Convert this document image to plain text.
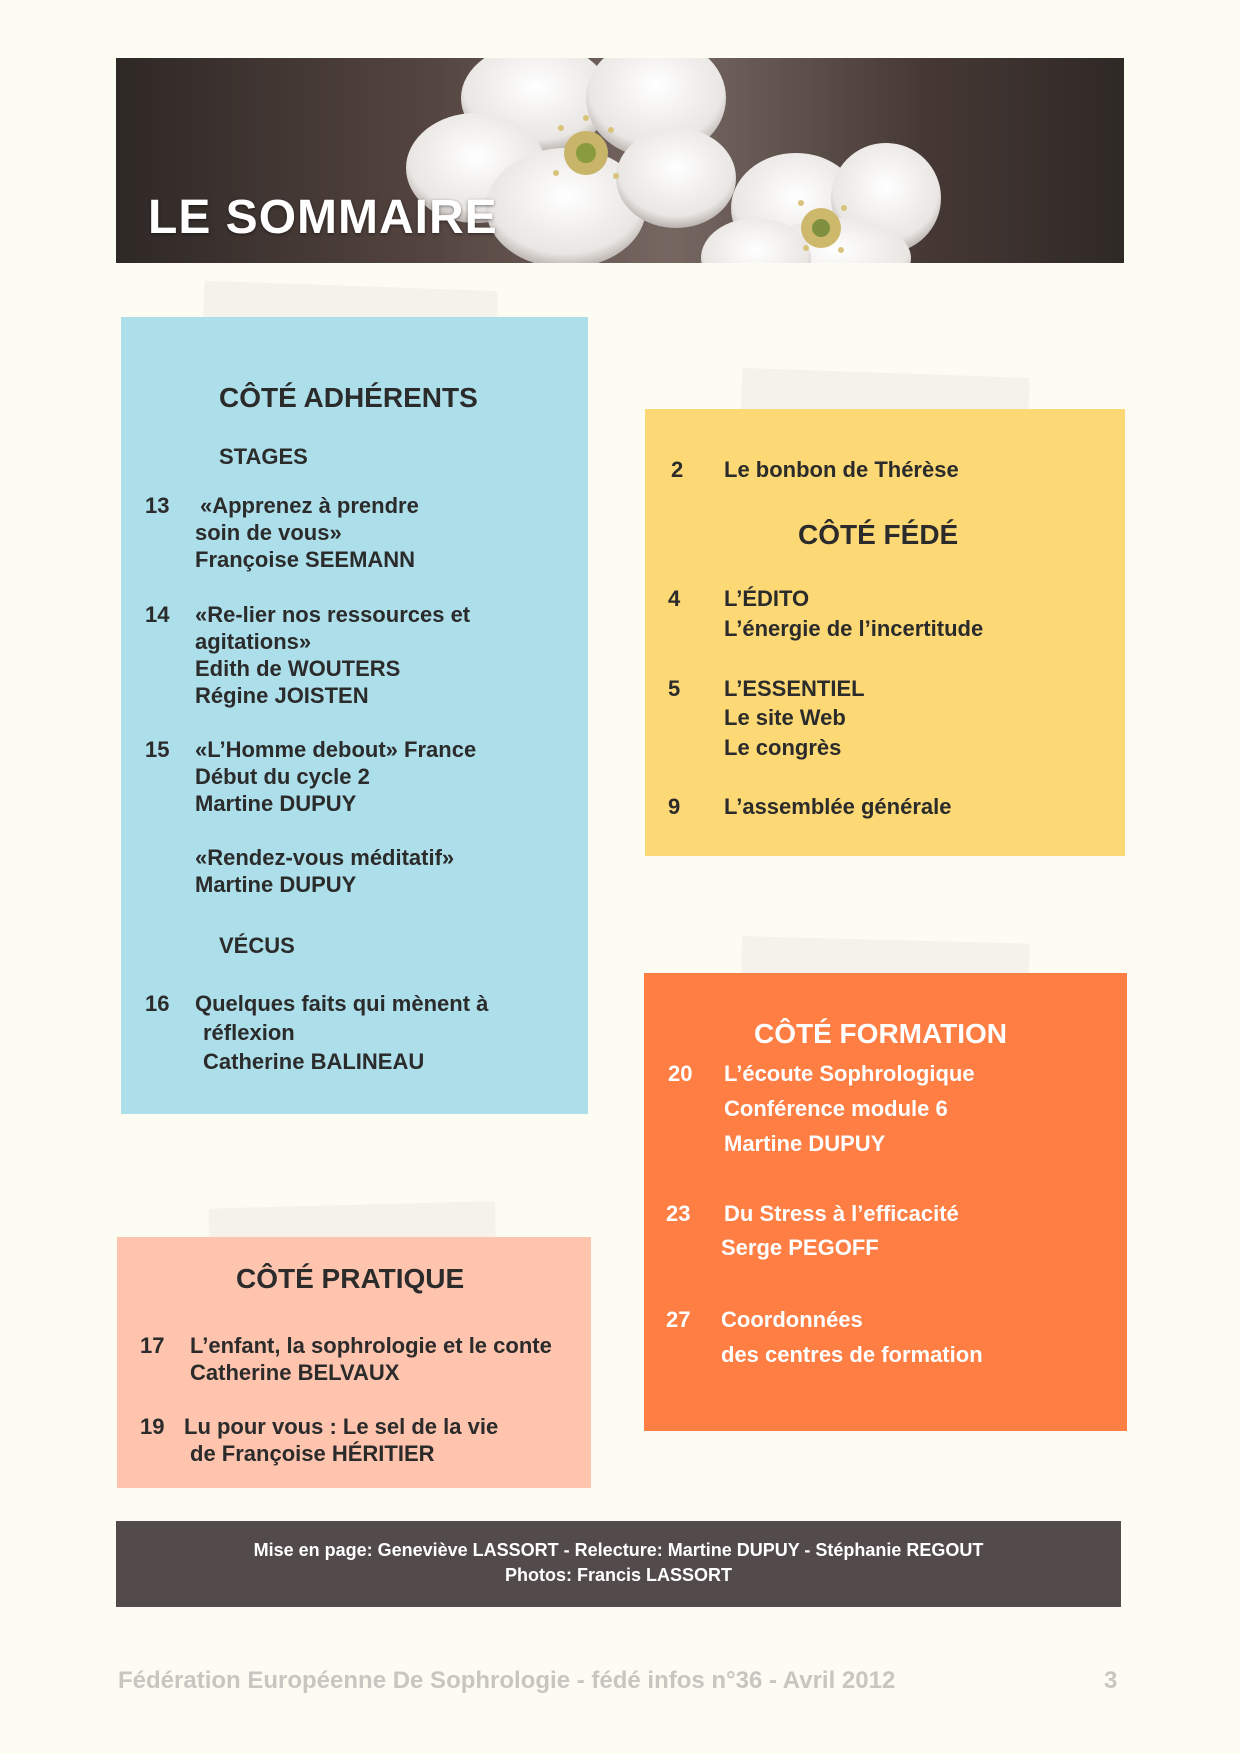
LE SOMMAIRE
CÔTÉ ADHÉRENTS
STAGES
13 «Apprenez à prendre
soin de vous»
Françoise SEEMANN
14 «Re-lier nos ressources et
agitations»
Edith de WOUTERS
Régine JOISTEN
15 «L’Homme debout» France
Début du cycle 2
Martine DUPUY
«Rendez-vous méditatif»
Martine DUPUY
VÉCUS
16 Quelques faits qui mènent à
réflexion
Catherine BALINEAU
2 Le bonbon de Thérèse
CÔTÉ FÉDÉ
4 L’ÉDITO
L’énergie de l’incertitude
5 L’ESSENTIEL
Le site Web
Le congrès
9 L’assemblée générale
CÔTÉ FORMATION
20 L’écoute Sophrologique
Conférence module 6
Martine DUPUY
23 Du Stress à l’efficacité
Serge PEGOFF
27 Coordonnées
des centres de formation
CÔTÉ PRATIQUE
17 L’enfant, la sophrologie et le conte
Catherine BELVAUX
19 Lu pour vous : Le sel de la vie
de Françoise HÉRITIER
Mise en page: Geneviève LASSORT - Relecture: Martine DUPUY - Stéphanie REGOUT
Photos: Francis LASSORT
Fédération Européenne De Sophrologie - fédé infos n°36 - Avril 2012	3
